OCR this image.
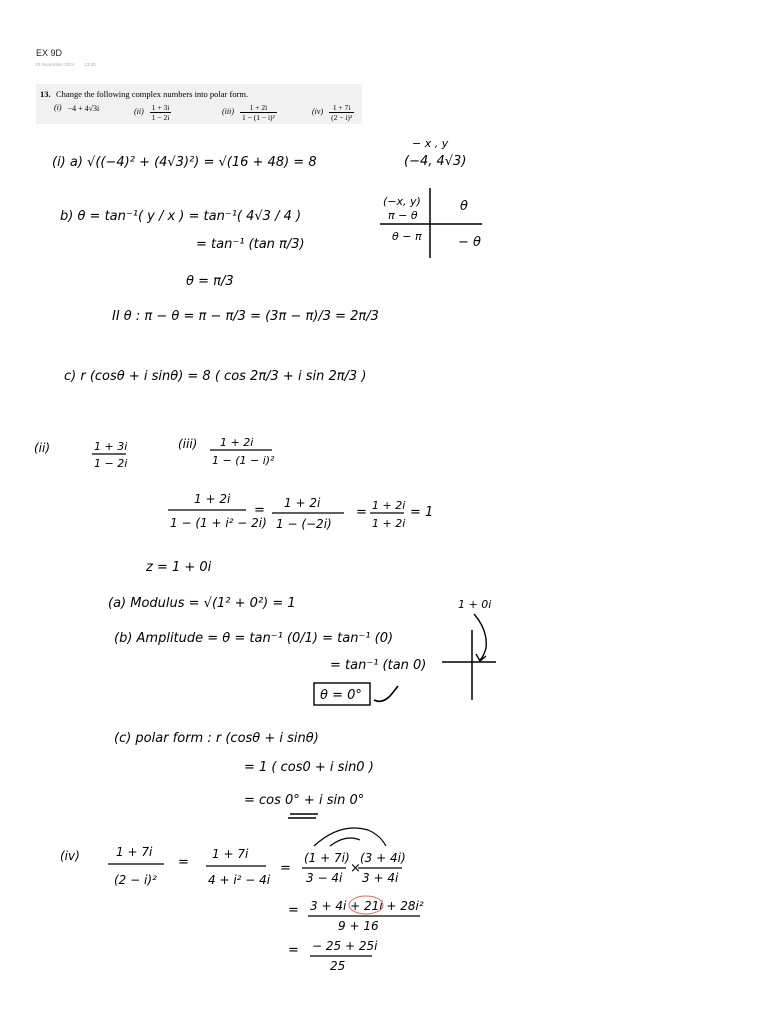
EX 9D
01 November 2024 13:30
13. Change the following complex numbers into polar form.
(i) −4 + 4√3i	$(ii) \frac{1 + 3i}{1 - 2i}$	$(iii) \frac{1 + 2i}{\text{1 − (1 − i)²}}$	$(iv) \frac{1 + 7i}{\text{(2 − i)²}}$
(i) a) √((−4)² + (4√3)²) = √(16 + 48) = 8
− x , y
(−4, 4√3)
b) θ = tan⁻¹( y / x ) = tan⁻¹( 4√3 / 4 )
= tan⁻¹ (tan π/3)
θ = π/3
II θ : π − θ = π − π/3 = (3π − π)/3 = 2π/3
(−x, y)
π − θ
θ
θ − π	− θ
c) r (cosθ + i sinθ) = 8 ( cos 2π/3 + i sin 2π/3 )
(ii)	1 + 3i
1 − 2i
(iii) 1 + 2i
1 − (1 − i)²
1 + 2i
1 − (1 + i² − 2i)
= 1 + 2i
1 − (−2i)
= 1 + 2i
1 + 2i
= 1
z = 1 + 0i
(a) Modulus = √(1² + 0²) = 1
(b) Amplitude = θ = tan⁻¹ (0/1) = tan⁻¹ (0)
= tan⁻¹ (tan 0)
θ = 0°
1 + 0i
(c) polar form : r (cosθ + i sinθ)
= 1 ( cos0 + i sin0 )
= cos 0° + i sin 0°
(iv)	1 + 7i
(2 − i)²
=
1 + 7i
4 + i² − 4i
=
(1 + 7i)
3 − 4i
×
(3 + 4i)
3 + 4i
= 3 + 4i + 21i + 28i²
9 + 16
= − 25 + 25i
25
